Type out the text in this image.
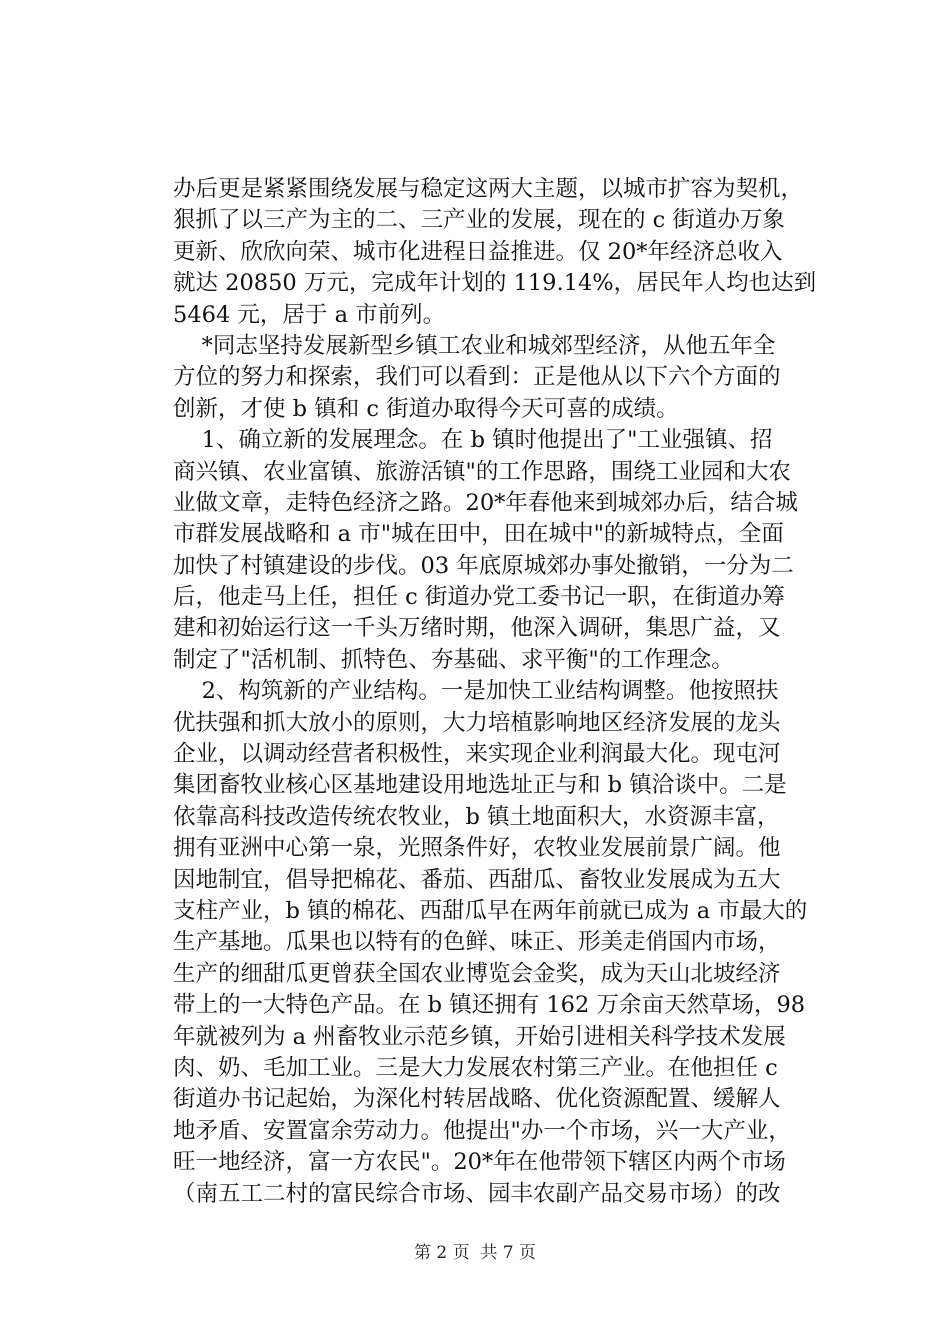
办后更是紧紧围绕发展与稳定这两大主题，以城市扩容为契机，
狠抓了以三产为主的二、三产业的发展，现在的 c 街道办万象
更新、欣欣向荣、城市化进程日益推进。仅 20*年经济总收入
就达 20850 万元，完成年计划的 119.14%，居民年人均也达到
5464 元，居于 a 市前列。
*同志坚持发展新型乡镇工农业和城郊型经济，从他五年全
方位的努力和探索，我们可以看到：正是他从以下六个方面的
创新，才使 b 镇和 c 街道办取得今天可喜的成绩。
1、确立新的发展理念。在 b 镇时他提出了"工业强镇、招
商兴镇、农业富镇、旅游活镇"的工作思路，围绕工业园和大农
业做文章，走特色经济之路。20*年春他来到城郊办后，结合城
市群发展战略和 a 市"城在田中，田在城中"的新城特点，全面
加快了村镇建设的步伐。03 年底原城郊办事处撤销，一分为二
后，他走马上任，担任 c 街道办党工委书记一职，在街道办筹
建和初始运行这一千头万绪时期，他深入调研，集思广益，又
制定了"活机制、抓特色、夯基础、求平衡"的工作理念。
2、构筑新的产业结构。一是加快工业结构调整。他按照扶
优扶强和抓大放小的原则，大力培植影响地区经济发展的龙头
企业，以调动经营者积极性，来实现企业利润最大化。现屯河
集团畜牧业核心区基地建设用地选址正与和 b 镇洽谈中。二是
依靠高科技改造传统农牧业，b 镇土地面积大，水资源丰富，
拥有亚洲中心第一泉，光照条件好，农牧业发展前景广阔。他
因地制宜，倡导把棉花、番茄、西甜瓜、畜牧业发展成为五大
支柱产业，b 镇的棉花、西甜瓜早在两年前就已成为 a 市最大的
生产基地。瓜果也以特有的色鲜、味正、形美走俏国内市场，
生产的细甜瓜更曾获全国农业博览会金奖，成为天山北坡经济
带上的一大特色产品。在 b 镇还拥有 162 万余亩天然草场，98
年就被列为 a 州畜牧业示范乡镇，开始引进相关科学技术发展
肉、奶、毛加工业。三是大力发展农村第三产业。在他担任 c
街道办书记起始，为深化村转居战略、优化资源配置、缓解人
地矛盾、安置富余劳动力。他提出"办一个市场，兴一大产业，
旺一地经济，富一方农民"。20*年在他带领下辖区内两个市场
（南五工二村的富民综合市场、园丰农副产品交易市场）的改
第 2 页  共 7 页
